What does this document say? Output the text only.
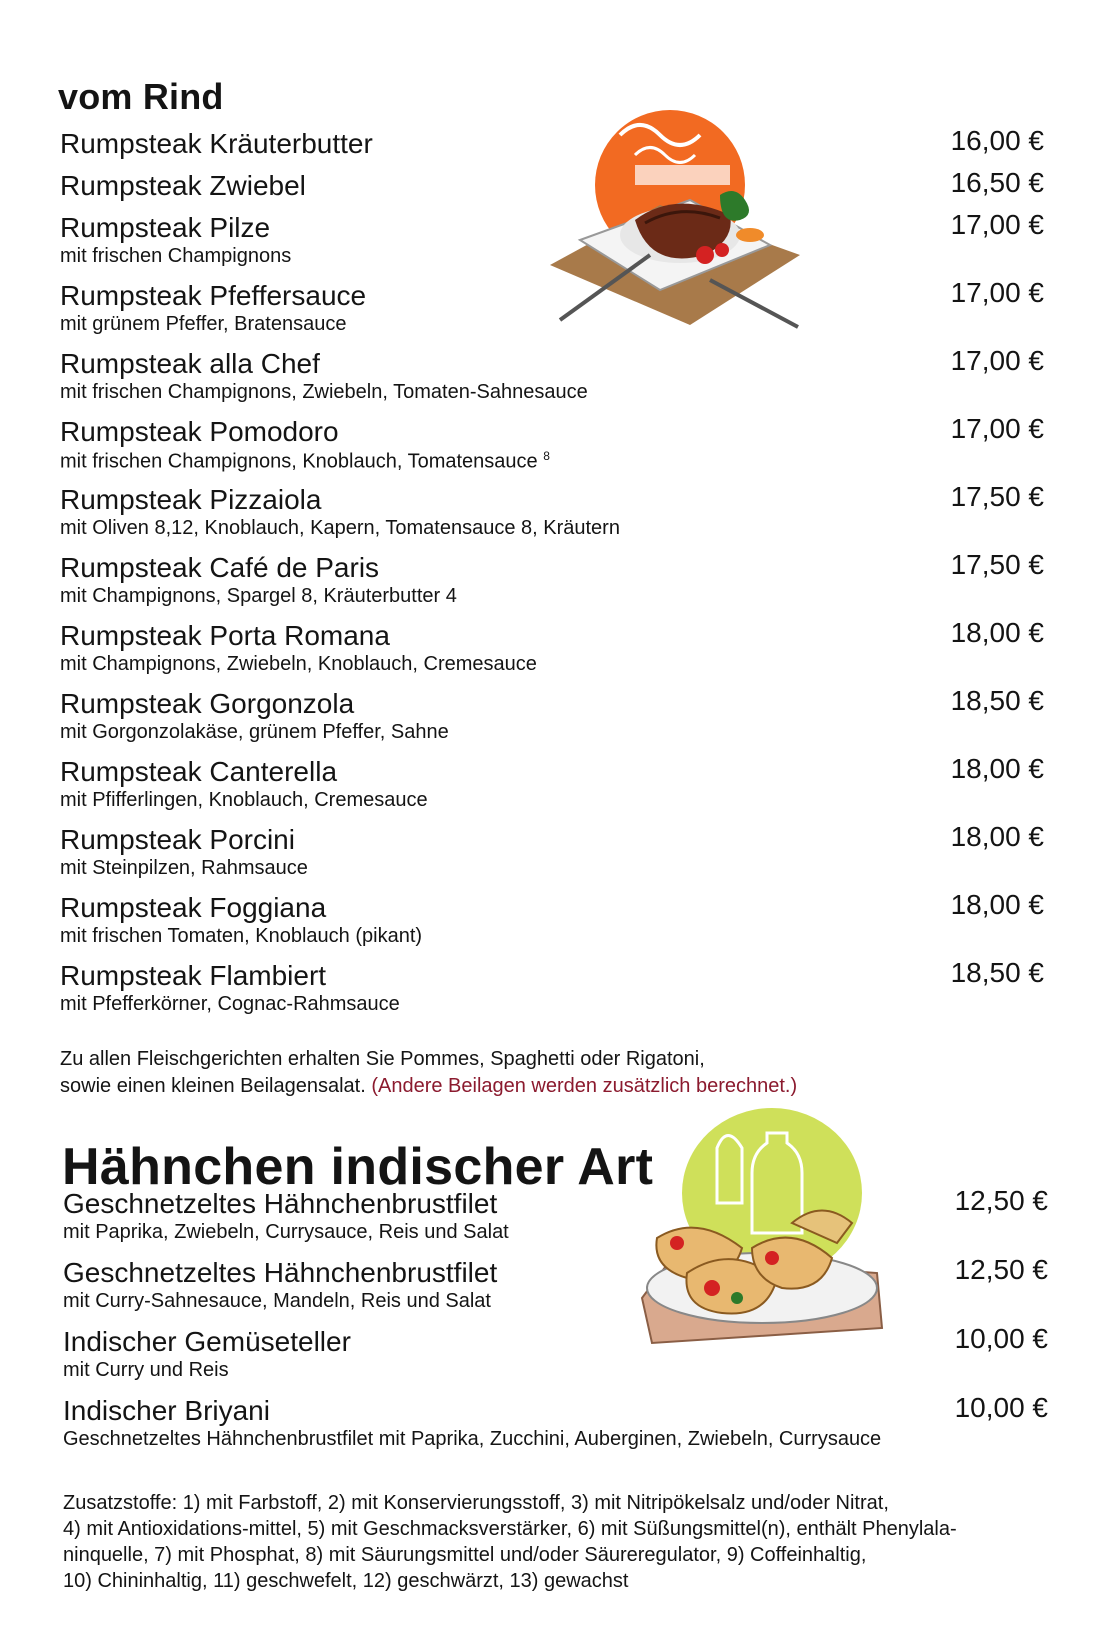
vom Rind
Rumpsteak Kräuterbutter	16,00 €
Rumpsteak Zwiebel	16,50 €
Rumpsteak Pilze
mit frischen Champignons
17,00 €
Rumpsteak Pfeffersauce
mit grünem Pfeffer, Bratensauce
17,00 €
Rumpsteak alla Chef
mit frischen Champignons, Zwiebeln, Tomaten-Sahnesauce
17,00 €
Rumpsteak Pomodoro
mit frischen Champignons, Knoblauch, Tomatensauce $^8$
17,00 €
Rumpsteak Pizzaiola
mit Oliven 8,12, Knoblauch, Kapern, Tomatensauce 8, Kräutern
17,50 €
Rumpsteak Café de Paris
mit Champignons, Spargel 8, Kräuterbutter 4
17,50 €
Rumpsteak Porta Romana
mit Champignons, Zwiebeln, Knoblauch, Cremesauce
18,00 €
Rumpsteak Gorgonzola
mit Gorgonzolakäse, grünem Pfeffer, Sahne
18,50 €
Rumpsteak Canterella
mit Pfifferlingen, Knoblauch, Cremesauce
18,00 €
Rumpsteak Porcini
mit Steinpilzen, Rahmsauce
18,00 €
Rumpsteak Foggiana
mit frischen Tomaten, Knoblauch (pikant)
18,00 €
Rumpsteak Flambiert
mit Pfefferkörner, Cognac-Rahmsauce
18,50 €
Zu allen Fleischgerichten erhalten Sie Pommes, Spaghetti oder Rigatoni,
sowie einen kleinen Beilagensalat. (Andere Beilagen werden zusätzlich berechnet.)
Hähnchen indischer Art
Geschnetzeltes Hähnchenbrustfilet
mit Paprika, Zwiebeln, Currysauce, Reis und Salat
12,50 €
Geschnetzeltes Hähnchenbrustfilet
mit Curry-Sahnesauce, Mandeln, Reis und Salat
12,50 €
Indischer Gemüseteller
mit Curry und Reis
10,00 €
Indischer Briyani
Geschnetzeltes Hähnchenbrustfilet mit Paprika, Zucchini, Auberginen, Zwiebeln, Currysauce
10,00 €
Zusatzstoffe: 1) mit Farbstoff, 2) mit Konservierungsstoff, 3) mit Nitripökelsalz und/oder Nitrat,
4) mit Antioxidations-mittel, 5) mit Geschmacksverstärker, 6) mit Süßungsmittel(n), enthält Phenylala-
ninquelle, 7) mit Phosphat, 8) mit Säurungsmittel und/oder Säureregulator, 9) Coffeinhaltig,
10) Chininhaltig, 11) geschwefelt, 12) geschwärzt, 13) gewachst
